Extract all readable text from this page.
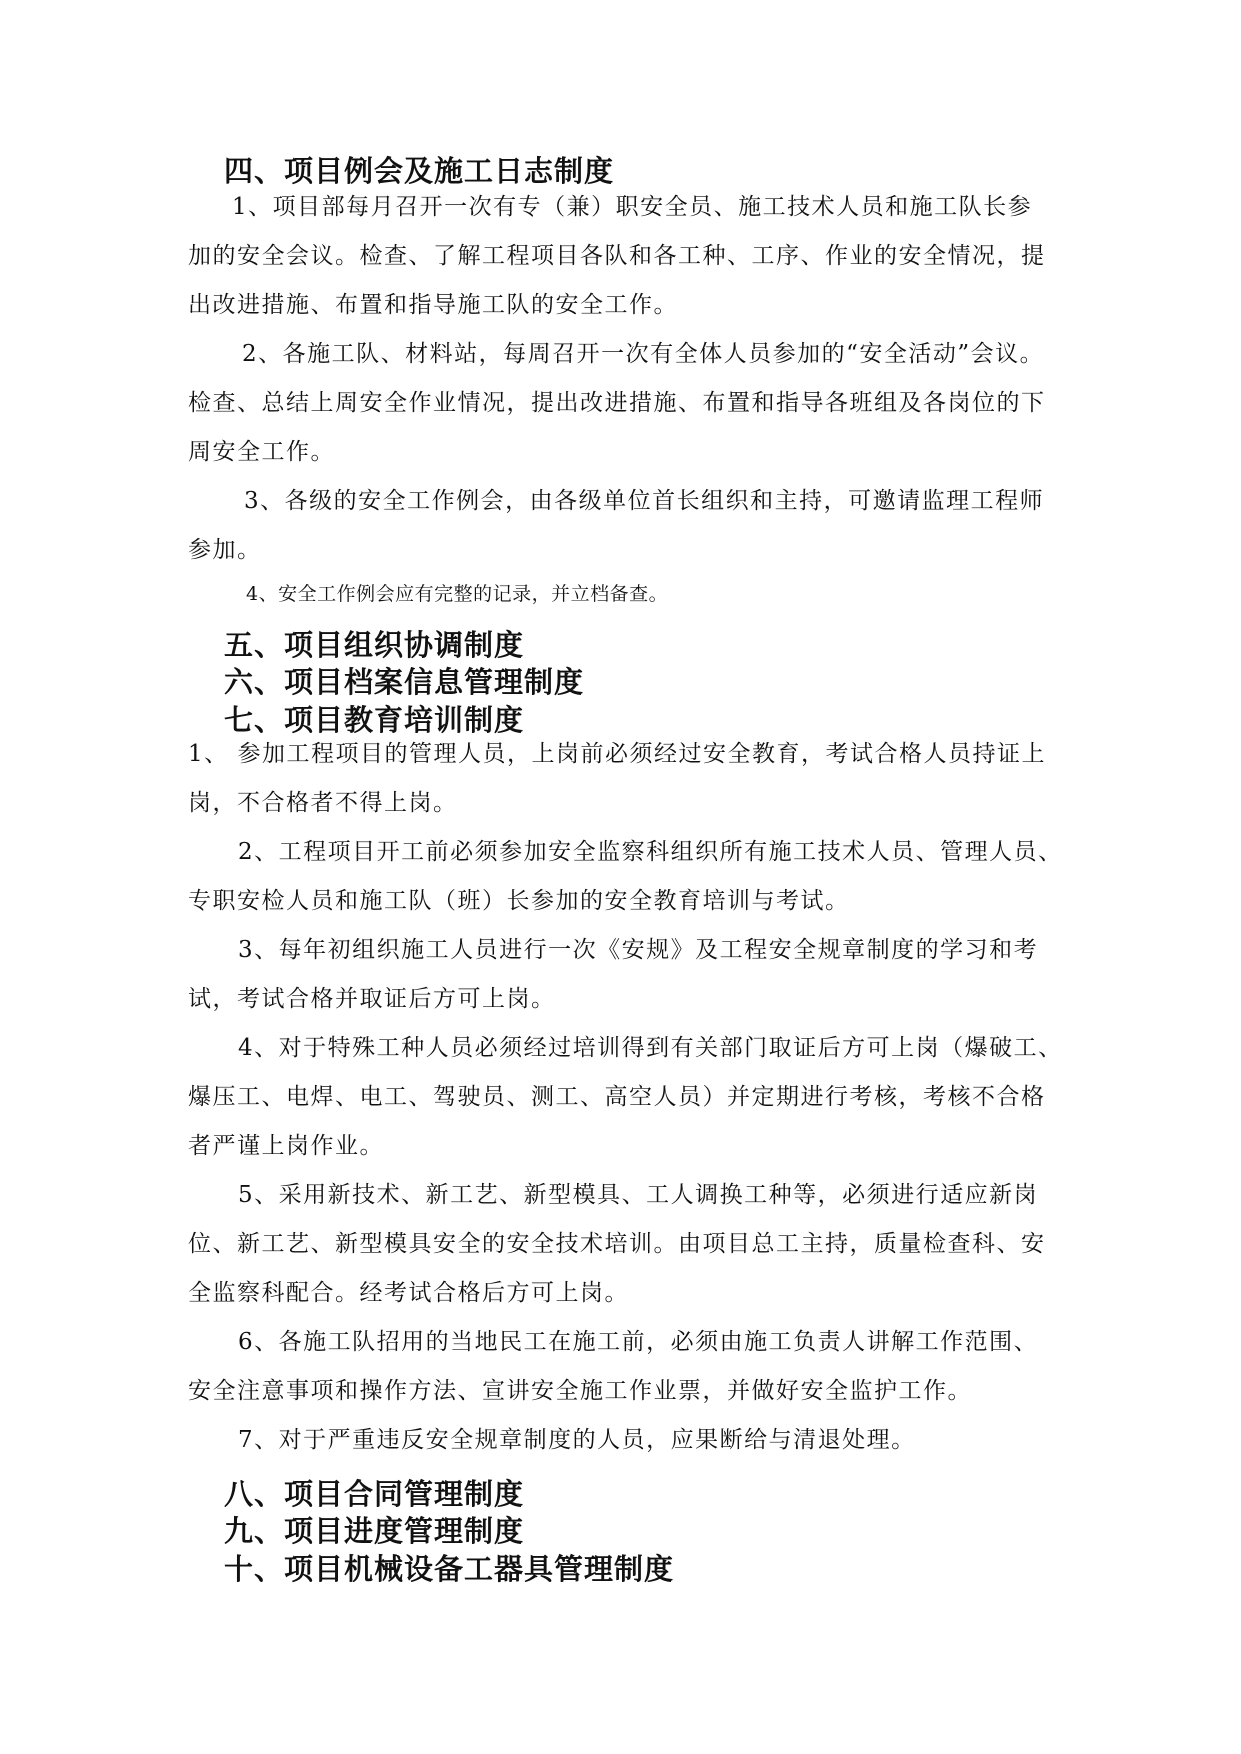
四、项目例会及施工日志制度
1、项目部每月召开一次有专（兼）职安全员、施工技术人员和施工队长参
加的安全会议。检查、了解工程项目各队和各工种、工序、作业的安全情况，提
出改进措施、布置和指导施工队的安全工作。
2、各施工队、材料站，每周召开一次有全体人员参加的“安全活动”会议。
检查、总结上周安全作业情况，提出改进措施、布置和指导各班组及各岗位的下
周安全工作。
3、各级的安全工作例会，由各级单位首长组织和主持，可邀请监理工程师
参加。
4、安全工作例会应有完整的记录，并立档备查。
五、项目组织协调制度
六、项目档案信息管理制度
七、项目教育培训制度
1、 参加工程项目的管理人员，上岗前必须经过安全教育，考试合格人员持证上
岗，不合格者不得上岗。
2、工程项目开工前必须参加安全监察科组织所有施工技术人员、管理人员、
专职安检人员和施工队（班）长参加的安全教育培训与考试。
3、每年初组织施工人员进行一次《安规》及工程安全规章制度的学习和考
试，考试合格并取证后方可上岗。
4、对于特殊工种人员必须经过培训得到有关部门取证后方可上岗（爆破工、
爆压工、电焊、电工、驾驶员、测工、高空人员）并定期进行考核，考核不合格
者严谨上岗作业。
5、采用新技术、新工艺、新型模具、工人调换工种等，必须进行适应新岗
位、新工艺、新型模具安全的安全技术培训。由项目总工主持，质量检查科、安
全监察科配合。经考试合格后方可上岗。
6、各施工队招用的当地民工在施工前，必须由施工负责人讲解工作范围、
安全注意事项和操作方法、宣讲安全施工作业票，并做好安全监护工作。
7、对于严重违反安全规章制度的人员，应果断给与清退处理。
八、项目合同管理制度
九、项目进度管理制度
十、项目机械设备工器具管理制度
